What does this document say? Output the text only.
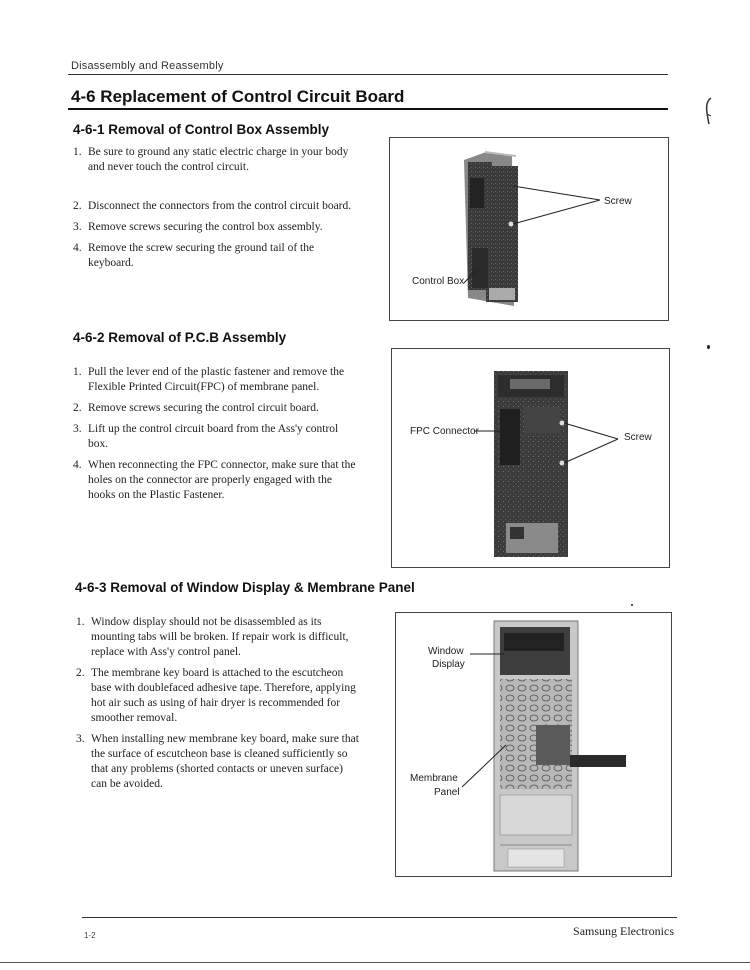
Disassembly and Reassembly
4-6 Replacement of Control Circuit Board
4-6-1 Removal of Control Box Assembly
1. Be sure to ground any static electric charge in your body and never touch the control circuit.
2. Disconnect the connectors from the control circuit board.
3. Remove screws securing the control box assembly.
4. Remove the screw securing the ground tail of the keyboard.
Screw
Control Box
4-6-2 Removal of P.C.B Assembly
1. Pull the lever end of the plastic fastener and remove the Flexible Printed Circuit(FPC) of membrane panel.
2. Remove screws securing the control circuit board.
3. Lift up the control circuit board from the Ass'y control box.
4. When reconnecting the FPC connector, make sure that the holes on the connector are properly engaged with the hooks on the Plastic Fastener.
FPC Connector
Screw
4-6-3 Removal of Window Display & Membrane Panel
1. Window display should not be disassembled as its mounting tabs will be broken. If repair work is difficult, replace with Ass'y control panel.
2. The membrane key board is attached to the escutcheon base with doublefaced adhesive tape. Therefore, applying hot air such as using of hair dryer is recommended for smoother removal.
3. When installing new membrane key board, make sure that the surface of escutcheon base is cleaned sufficiently so that any problems (shorted contacts or uneven surface) can be avoided.
Window
Display
Membrane
Panel
1-2	Samsung Electronics
